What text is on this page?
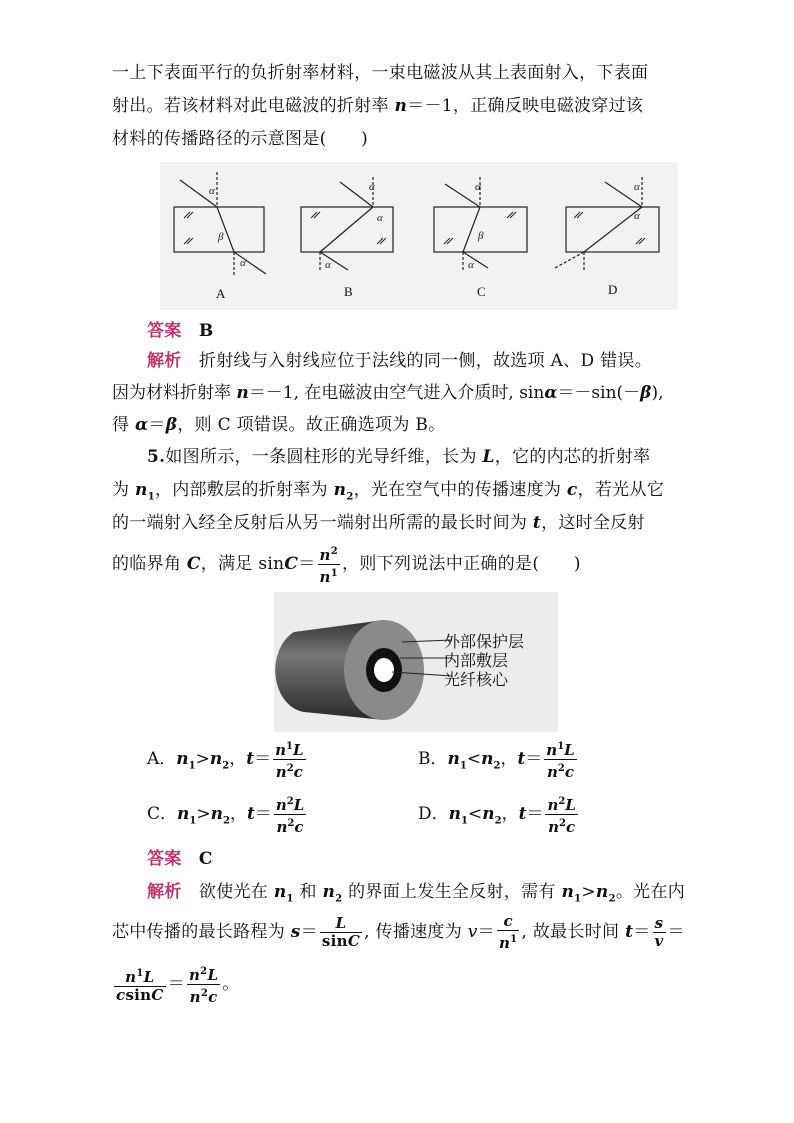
一上下表面平行的负折射率材料，一束电磁波从其上表面射入，下表面
射出。若该材料对此电磁波的折射率 n＝－1，正确反映电磁波穿过该
材料的传播路径的示意图是(　　)
α
β
α
α
α
α
α
β
α
α
α
A	B	C	D
答案　 B
解析　 折射线与入射线应位于法线的同一侧，故选项 A、D 错误。
因为材料折射率 n＝－1, 在电磁波由空气进入介质时, sinα＝－sin(－β),
得 α＝β，则 C 项错误。故正确选项为 B。
5.如图所示，一条圆柱形的光导纤维，长为 L，它的内芯的折射率
为 $n_1$，内部敷层的折射率为 $n_2$，光在空气中的传播速度为 c，若光从它
的一端射入经全反射后从另一端射出所需的最长时间为 t，这时全反射
的临界角 C，满足 $\sin C= \frac{n^2}{n^1}$ ，则下列说法中正确的是(　　)
外部保护层
内部敷层
光纤核心
A．$n_1>n_2$，$t= \frac{n^1L}{n^2c}$	B．$n_1<n_2$，$t= \frac{n^1L}{n^2c}$
C．$n_1>n_2$，$t= \frac{n^2L}{n^2c}$	D．$n_1<n_2$，$t= \frac{n^2L}{n^2c}$
答案　 C
解析　欲使光在 $n_1$ 和 $n_2$ 的界面上发生全反射，需有 $n_1>n_2$。光在内
芯中传播的最长路程为 $s= \frac{L}{\sin C}$ , 传播速度为 $v= \frac{c}{n^1}$ , 故最长时间 $t= \frac{s}{v}$ ＝
$\frac{n^1L}{csinC} = \frac{n^2L}{n^2c}$ 。
